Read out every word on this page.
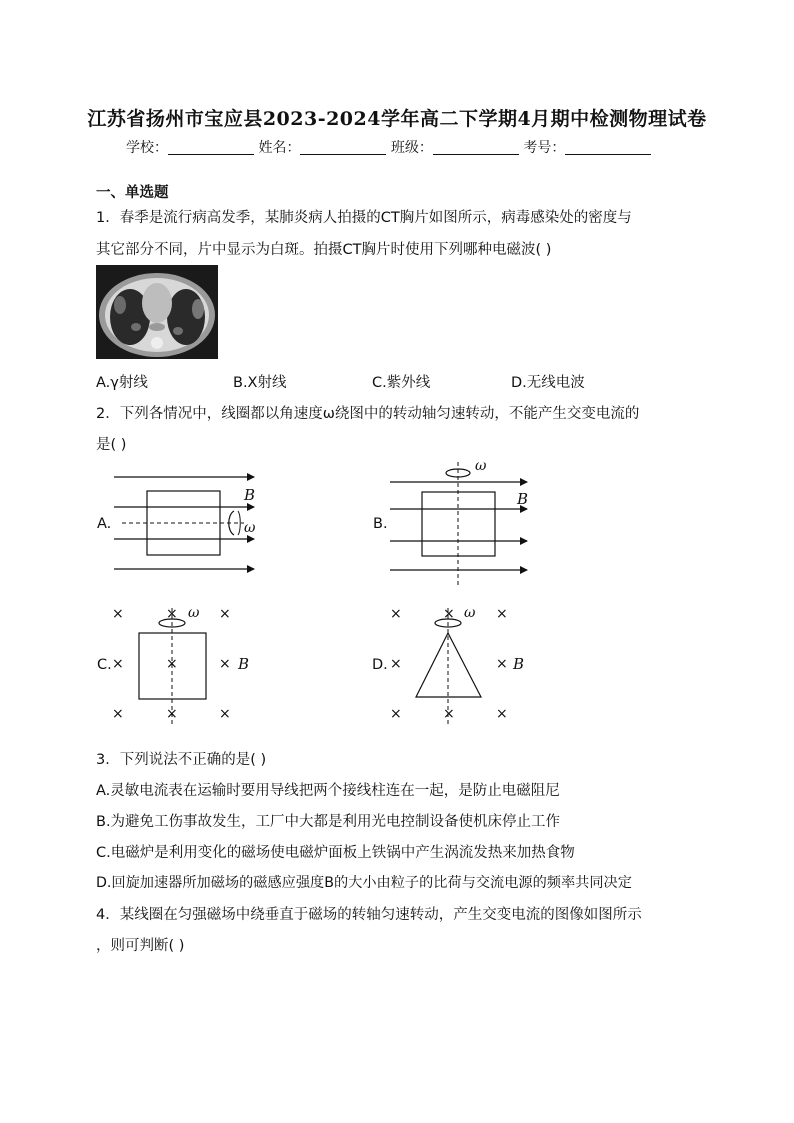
江苏省扬州市宝应县2023-2024学年高二下学期4月期中检测物理试卷
学校：	姓名：	班级：	考号：
一、单选题
1．春季是流行病高发季，某肺炎病人拍摄的CT胸片如图所示，病毒感染处的密度与
其它部分不同，片中显示为白斑。拍摄CT胸片时使用下列哪种电磁波( )
A.γ射线	B.X射线	C.紫外线	D.无线电波
2．下列各情况中，线圈都以角速度ω绕图中的转动轴匀速转动，不能产生交变电流的
是( )
A.
B
ω	B.
B
ω
C.
×	×	×
×	×	×
×	×	×
B
ω
D.
×	×	×
×	×
×	×	×
B
ω
3．下列说法不正确的是( )
A.灵敏电流表在运输时要用导线把两个接线柱连在一起，是防止电磁阻尼
B.为避免工伤事故发生，工厂中大都是利用光电控制设备使机床停止工作
C.电磁炉是利用变化的磁场使电磁炉面板上铁锅中产生涡流发热来加热食物
D.回旋加速器所加磁场的磁感应强度B的大小由粒子的比荷与交流电源的频率共同决定
4．某线圈在匀强磁场中绕垂直于磁场的转轴匀速转动，产生交变电流的图像如图所示
，则可判断( )
